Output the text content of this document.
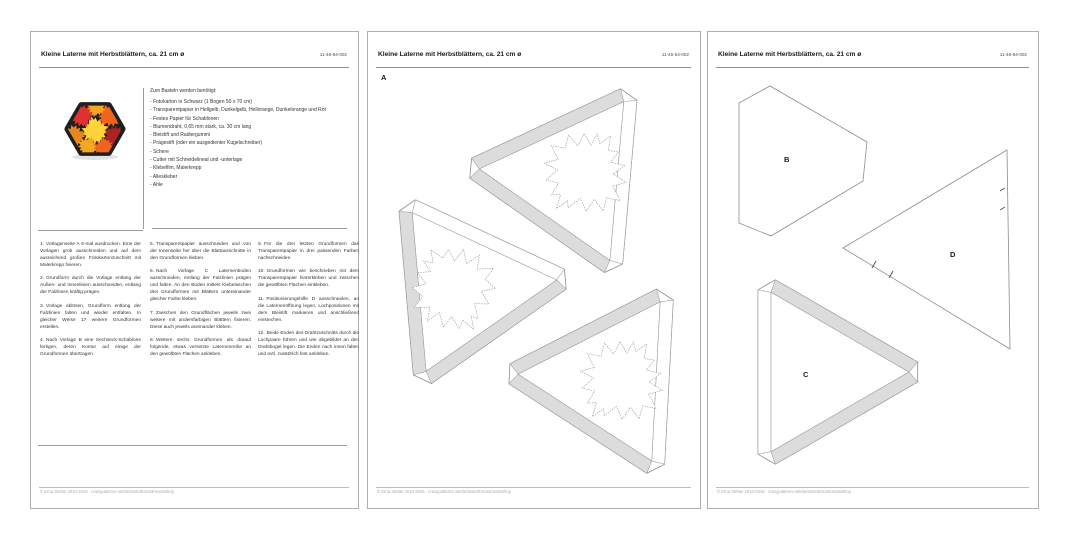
Kleine Laterne mit Herbstblättern, ca. 21 cm ø	11-46-54-002

Zum Basteln werden benötigt:

- Fotokarton in Schwarz (1 Bogen 50 x 70 cm)
- Transparentpapier in Hellgelb, Dunkelgelb, Hellorange, Dunkelorange und Rot
- Festes Papier für Schablonen
- Blumendraht, 0,65 mm stark, ca. 30 cm lang
- Bleistift und Radiergummi
- Prägestift (oder ein ausgedienter Kugelschreiber)
- Schere
- Cutter mit Schneidelineal und -unterlage
- Klebefilm, Malerkrepp
- Alleskleber
- Ahle
1. Vorlagenseite A 6-mal ausdrucken. Eine der Vorlagen grob ausschneiden und auf dem ausreichend großen Fotokartonzuschnitt mit Malerkrepp fixieren.
2. Grundform durch die Vorlage entlang der Außen- und Innenlinien ausschneiden, entlang der Falzlinien kräftig prägen.
3. Vorlage ablösen, Grundform entlang der Falzlinien falten und wieder entfalten. In gleicher Weise 17 weitere Grundformen erstellen.
4. Nach Vorlage B eine Sechseck-Schablone fertigen, deren Kontur auf einige der Grundformen übertragen.
5. Transparentpapier ausschneiden und von der Innenseite her über die Blattausschnitte in den Grundformen kleben.
6. Nach Vorlage C Laternenboden ausschneiden, entlang der Falzlinien prägen und falten. An den Boden mittels Klebelaschen drei Grundformen mit Blättern untereinander gleicher Farbe kleben.
7. Zwischen den Grundflächen jeweils zwei weitere mit andersfarbigen Blättern fixieren. Diese auch jeweils aneinander kleben.
8. Weitere sechs Grundformen als darauf folgende, etwas versetzte Laternenreihe an den gewölbten Flächen ankleben.
9. Für die drei letzten Grundformen das Transparentpapier in drei passenden Farben nachschneiden.
10. Grundformen wie beschrieben mit dem Transparentpapier hinterkleben und zwischen die gewölbten Flächen einkleben.
11. Positionierungshilfe D ausschneiden, an die Laternenöffnung legen, Lochpositionen mit dem Bleistift markieren und anschließend einstechen.
12. Beide Enden des Drahtzuschnitts durch die Lochpaare führen und wie abgebildet an den Drahtbügel legen. Die Enden nach innen falten und evtl. zusätzlich fest ankleben.
© Erna Stefan 2010-2016 · crazypatterns.net/de/store/ErnasKreativshop
Kleine Laterne mit Herbstblättern, ca. 21 cm ø	11-46-54-002
A
© Erna Stefan 2010-2016 · crazypatterns.net/de/store/ErnasKreativshop
Kleine Laterne mit Herbstblättern, ca. 21 cm ø	11-46-54-002
B
D
C
© Erna Stefan 2010-2016 · crazypatterns.net/de/store/ErnasKreativshop
